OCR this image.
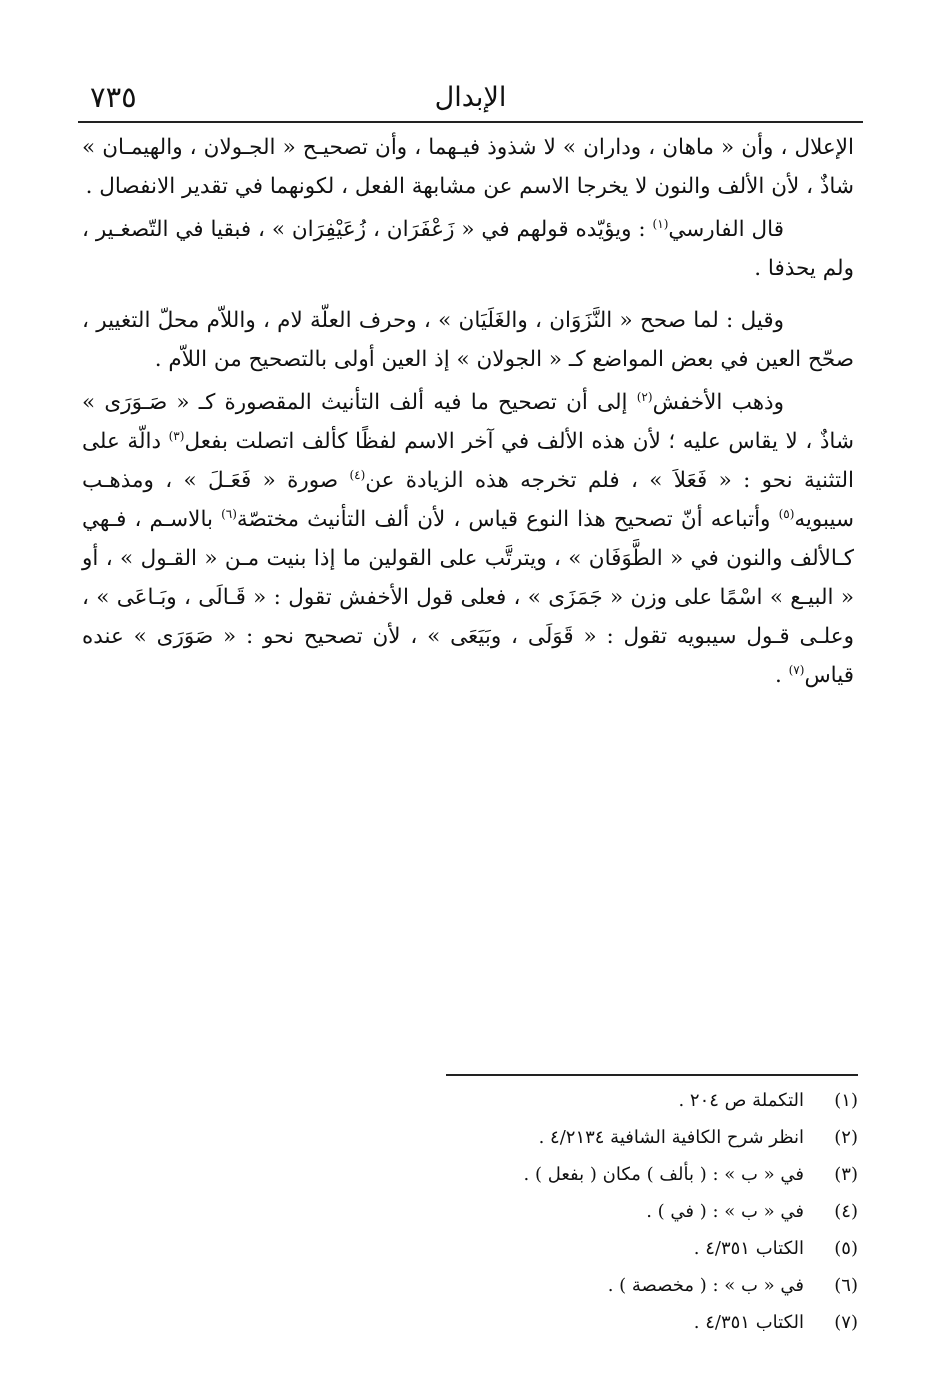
الإبدال
٧٣٥

الإعلال ، وأن « ماهان ، وداران » لا شذوذ فيـهما ، وأن تصحيـح « الجـولان ، والهيمـان » شاذٌ ، لأن الألف والنون لا يخرجا الاسم عن مشابهة الفعل ، لكونهما في تقدير الانفصال .

قال الفارسي$^{(١)}$ : ويؤيّده قولهم في « زَعْفَرَان ، زُعَيْفِرَان » ، فبقيا في التّصغـير ، ولم يحذفا .

وقيل : لما صحح « النَّزَوَان ، والغَلَيَان » ، وحرف العلّة لام ، واللاّم محلّ التغيير ، صحّح العين في بعض المواضع كـ « الجولان » إذ العين أولى بالتصحيح من اللاّم .

وذهب الأخفش$^{(٢)}$ إلى أن تصحيح ما فيه ألف التأنيث المقصورة كـ « صَـوَرَى » شاذٌ ، لا يقاس عليه ؛ لأن هذه الألف في آخر الاسم لفظًا كألف اتصلت بفعل$^{(٣)}$ دالّة على التثنية نحو : « فَعَلاَ » ، فلم تخرجه هذه الزيادة عن$^{(٤)}$ صورة « فَعَـلَ » ، ومذهـب سيبويه$^{(٥)}$ وأتباعه أنّ تصحيح هذا النوع قياس ، لأن ألف التأنيث مختصّة$^{(٦)}$ بالاسـم ، فـهي كـالألف والنون في « الطَّوَفَان » ، ويترتَّب على القولين ما إذا بنيت مـن « القـول » ، أو « البيـع » اسْمًا على وزن « جَمَزَى » ، فعلى قول الأخفش تقول : « قَـالَى ، وبَـاعَى » ، وعلـى قـول سيبويه تقول : « قَوَلَى ، وبَيَعَى » ، لأن تصحيح نحو : « صَوَرَى » عنده قياس$^{(٧)}$ .

(١)
التكملة ص ٢٠٤ .
(٢)
انظر شرح الكافية الشافية ٤/٢١٣٤ .
(٣)
في « ب » : ( بألف ) مكان ( بفعل ) .
(٤)
في « ب » : ( في ) .
(٥)
الكتاب ٤/٣٥١ .
(٦)
في « ب » : ( مخصصة ) .
(٧)
الكتاب ٤/٣٥١ .
